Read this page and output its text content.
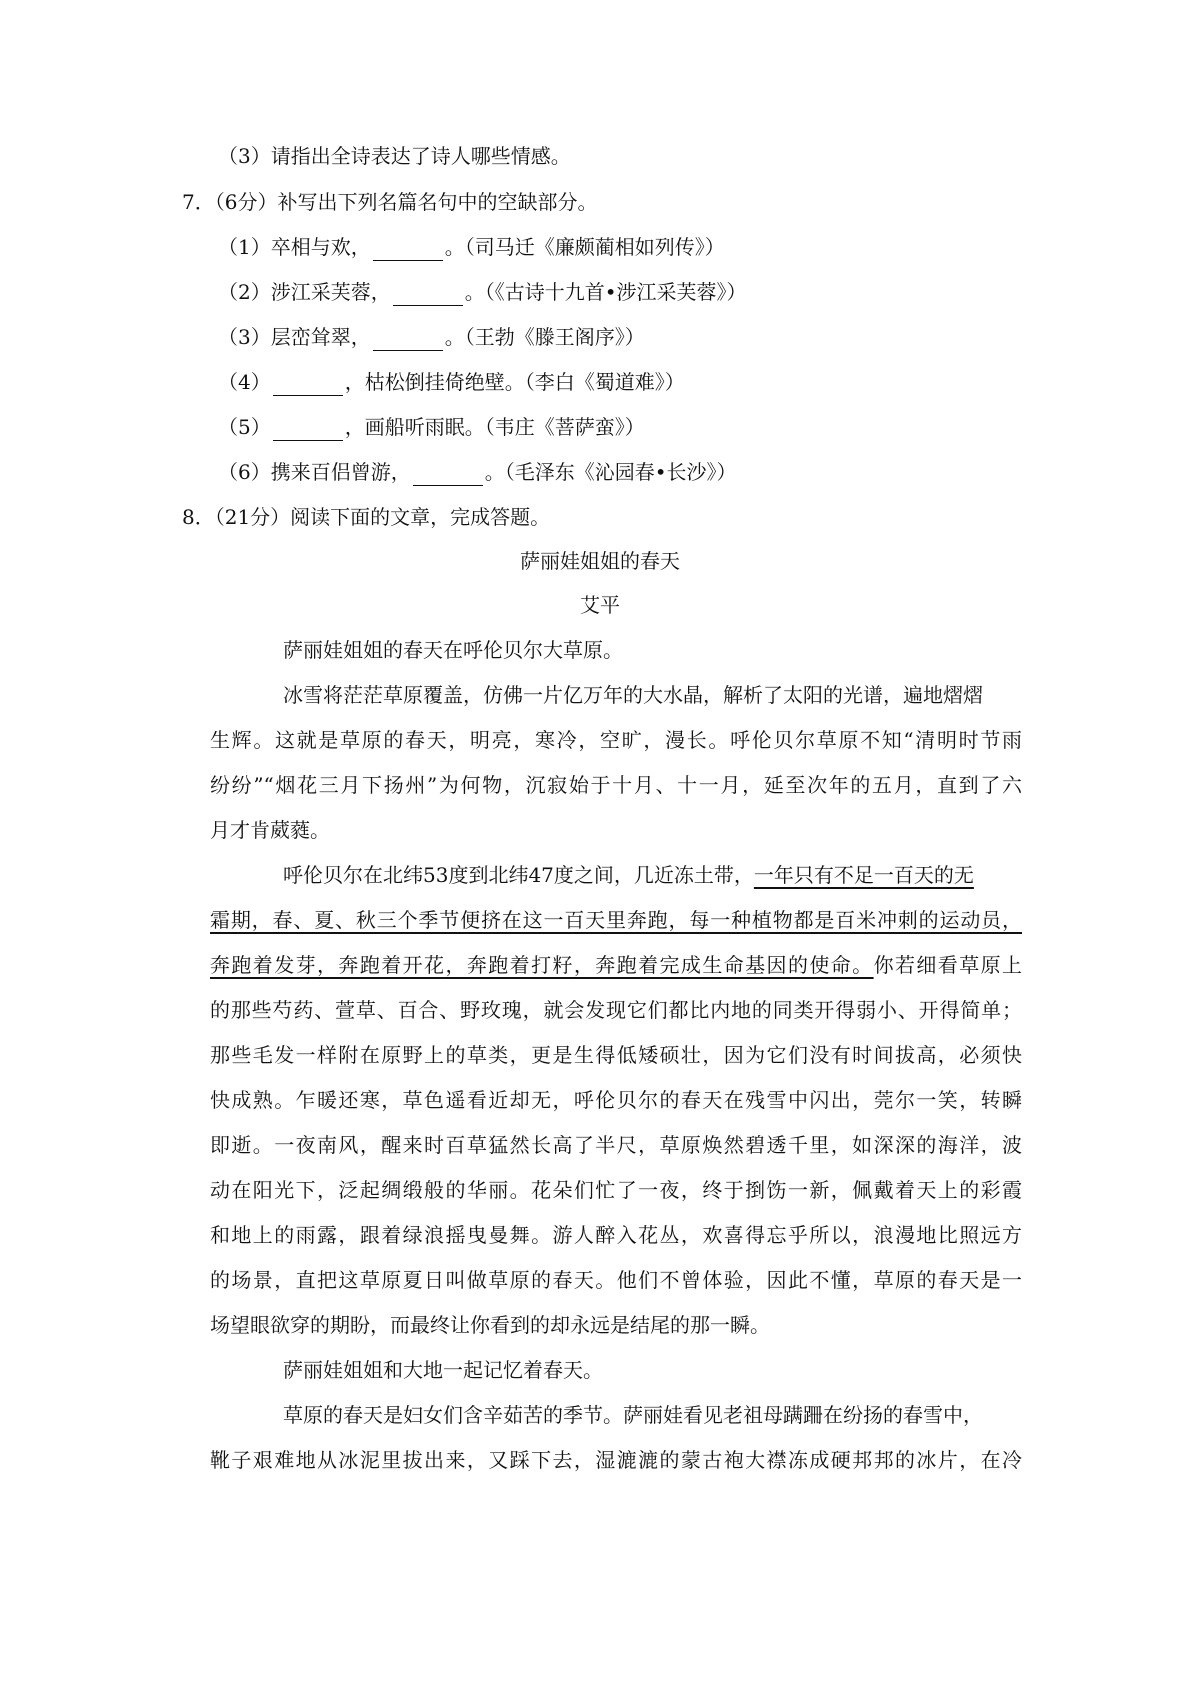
（3）请指出全诗表达了诗人哪些情感。
7．（6分）补写出下列名篇名句中的空缺部分。
（1）卒相与欢，	。（司马迁《廉颇蔺相如列传》）
（2）涉江采芙蓉，	。（《古诗十九首•涉江采芙蓉》）
（3）层峦耸翠，	。（王勃《滕王阁序》）
（4）	，枯松倒挂倚绝壁。（李白《蜀道难》）
（5）	，画船听雨眠。（韦庄《菩萨蛮》）
（6）携来百侣曾游，	。（毛泽东《沁园春•长沙》）
8．（21分）阅读下面的文章，完成答题。
萨丽娃姐姐的春天
艾平
萨丽娃姐姐的春天在呼伦贝尔大草原。
冰雪将茫茫草原覆盖，仿佛一片亿万年的大水晶，解析了太阳的光谱，遍地熠熠
生辉。这就是草原的春天，明亮，寒冷，空旷，漫长。呼伦贝尔草原不知“清明时节雨
纷纷”“烟花三月下扬州”为何物，沉寂始于十月、十一月，延至次年的五月，直到了六
月才肯葳蕤。
呼伦贝尔在北纬53度到北纬47度之间，几近冻土带，一年只有不足一百天的无
霜期，春、夏、秋三个季节便挤在这一百天里奔跑，每一种植物都是百米冲刺的运动员，
奔跑着发芽，奔跑着开花，奔跑着打籽，奔跑着完成生命基因的使命。你若细看草原上
的那些芍药、萱草、百合、野玫瑰，就会发现它们都比内地的同类开得弱小、开得简单；
那些毛发一样附在原野上的草类，更是生得低矮硕壮，因为它们没有时间拔高，必须快
快成熟。乍暖还寒，草色遥看近却无，呼伦贝尔的春天在残雪中闪出，莞尔一笑，转瞬
即逝。一夜南风，醒来时百草猛然长高了半尺，草原焕然碧透千里，如深深的海洋，波
动在阳光下，泛起绸缎般的华丽。花朵们忙了一夜，终于捯饬一新，佩戴着天上的彩霞
和地上的雨露，跟着绿浪摇曳曼舞。游人醉入花丛，欢喜得忘乎所以，浪漫地比照远方
的场景，直把这草原夏日叫做草原的春天。他们不曾体验，因此不懂，草原的春天是一
场望眼欲穿的期盼，而最终让你看到的却永远是结尾的那一瞬。
萨丽娃姐姐和大地一起记忆着春天。
草原的春天是妇女们含辛茹苦的季节。萨丽娃看见老祖母蹒跚在纷扬的春雪中，
靴子艰难地从冰泥里拔出来，又踩下去，湿漉漉的蒙古袍大襟冻成硬邦邦的冰片，在冷
